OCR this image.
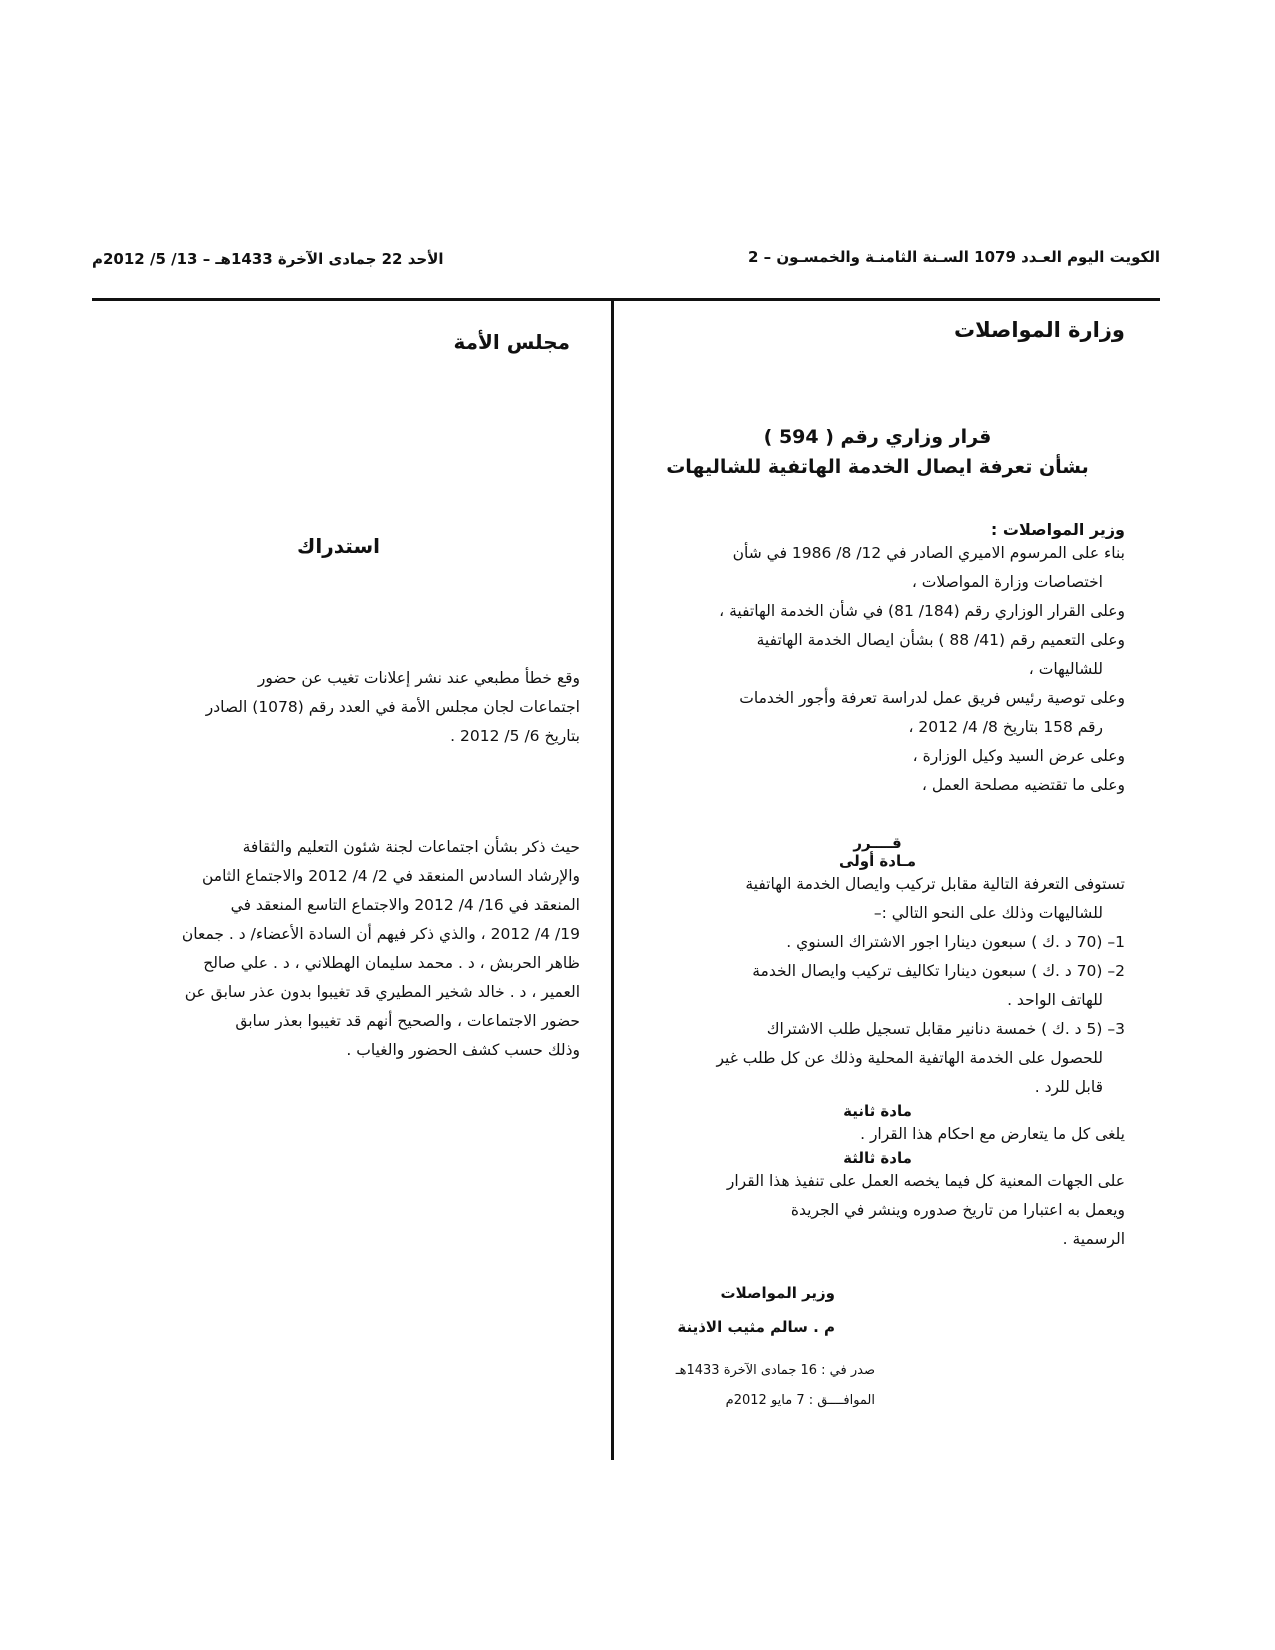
الكويت اليوم العـدد 1079 السـنة الثامنـة والخمسـون – 2
الأحد 22 جمادى الآخرة 1433هـ – 13/ 5/ 2012م
وزارة المواصلات
قرار وزاري رقم ( 594 )
بشأن تعرفة ايصال الخدمة الهاتفية للشاليهات
وزير المواصلات :

بناء على المرسوم الاميري الصادر في 12/ 8/ 1986 في شأن

اختصاصات وزارة المواصلات ،

وعلى القرار الوزاري رقم (184/ 81) في شأن الخدمة الهاتفية ،

وعلى التعميم رقم (41/ 88 ) بشأن ايصال الخدمة الهاتفية

للشاليهات ،

وعلى توصية رئيس فريق عمل لدراسة تعرفة وأجور الخدمات

رقم 158 بتاريخ 8/ 4/ 2012 ،

وعلى عرض السيد وكيل الوزارة ،

وعلى ما تقتضيه مصلحة العمل ،

قــــرر
مـادة أولى

تستوفى التعرفة التالية مقابل تركيب وايصال الخدمة الهاتفية

للشاليهات وذلك على النحو التالي :–

1– (70 د .ك ) سبعون دينارا اجور الاشتراك السنوي .

2– (70 د .ك ) سبعون دينارا تكاليف تركيب وايصال الخدمة

للهاتف الواحد .

3– (5 د .ك ) خمسة دنانير مقابل تسجيل طلب الاشتراك

للحصول على الخدمة الهاتفية المحلية وذلك عن كل طلب غير

قابل للرد .

مادة ثانية

يلغى كل ما يتعارض مع احكام هذا القرار .

مادة ثالثة

على الجهات المعنية كل فيما يخصه العمل على تنفيذ هذا القرار

ويعمل به اعتبارا من تاريخ صدوره وينشر في الجريدة

الرسمية .

وزير المواصلات
م . سالم مثيب الاذينة
صدر في : 16 جمادى الآخرة 1433هـ
الموافــــق : 7 مايو 2012م
مجلس الأمة
استدراك

وقع خطأ مطبعي عند نشر إعلانات تغيب عن حضور

اجتماعات لجان مجلس الأمة في العدد رقم (1078) الصادر

بتاريخ 6/ 5/ 2012 .

حيث ذكر بشأن اجتماعات لجنة شئون التعليم والثقافة

والإرشاد السادس المنعقد في 2/ 4/ 2012 والاجتماع الثامن

المنعقد في 16/ 4/ 2012 والاجتماع التاسع المنعقد في

19/ 4/ 2012 ، والذي ذكر فيهم أن السادة الأعضاء/ د . جمعان

ظاهر الحربش ، د . محمد سليمان الهطلاني ، د . علي صالح

العمير ، د . خالد شخير المطيري قد تغيبوا بدون عذر سابق عن

حضور الاجتماعات ، والصحيح أنهم قد تغيبوا بعذر سابق

وذلك حسب كشف الحضور والغياب .
